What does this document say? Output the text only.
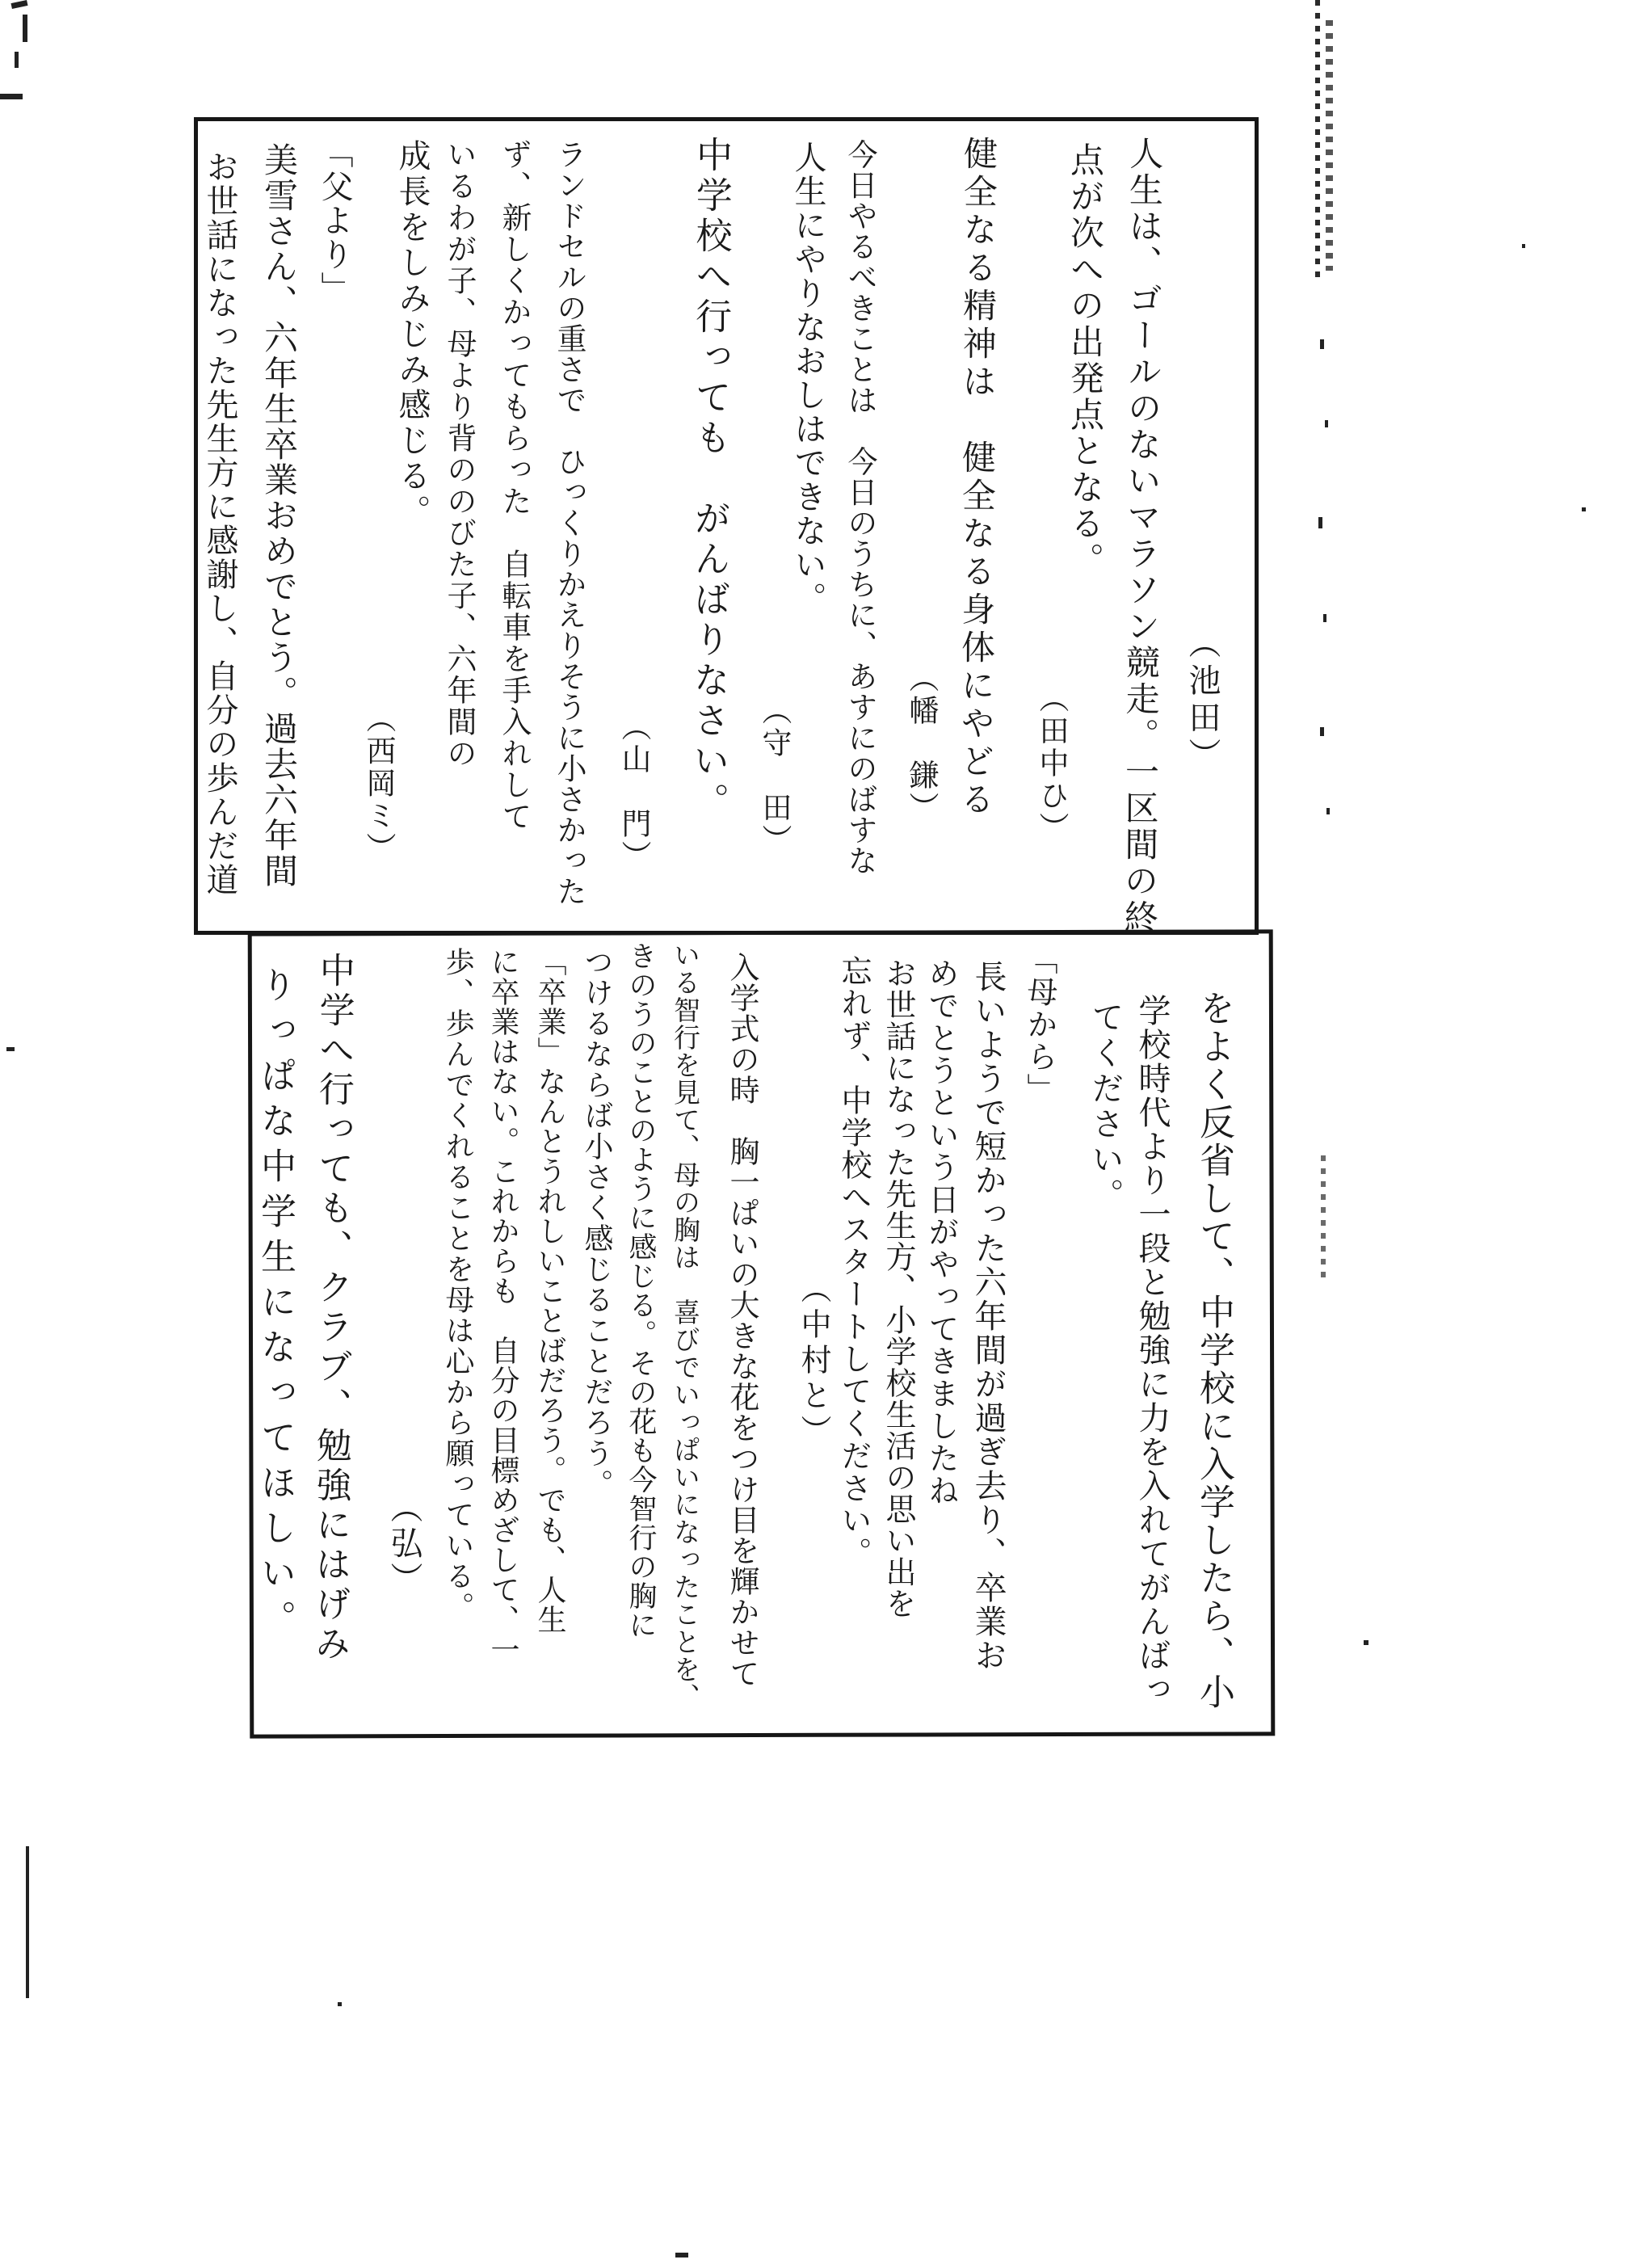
人生は、ゴールのないマラソン競走。一区間の終
点が次への出発点となる。
（池田）
健全なる精神は　健全なる身体にやどる （田中ひ）
（幡　鎌）
今日やるべきことは　今日のうちに、あすにのばすな
人生にやりなおしはできない。
（守　田）
中学校へ行っても　がんばりなさい。
（山　門）
ランドセルの重さで　ひっくりかえりそうに小さかった
ず、新しくかってもらった　自転車を手入れして
いるわが子、母より背ののびた子、六年間の
成長をしみじみ感じる。
（西岡ミ）
「父より」
美雪さん、六年生卒業おめでとう。過去六年間
お世話になった先生方に感謝し、自分の歩んだ道
をよく反省して、中学校に入学したら、小
学校時代より一段と勉強に力を入れてがんばっ
てください。
「母から」
長いようで短かった六年間が過ぎ去り、卒業お
めでとうという日がやってきましたね
お世話になった先生方、小学校生活の思い出を
忘れず、中学校へスタートしてください。
（中村と）
入学式の時　胸一ぱいの大きな花をつけ目を輝かせて
いる智行を見て、母の胸は　喜びでいっぱいになったことを、
きのうのことのように感じる。その花も今智行の胸に
つけるならば小さく感じることだろう。
「卒業」なんとうれしいことばだろう。でも、人生
に卒業はない。これからも　自分の目標めざして、一
歩、歩んでくれることを母は心から願っている。
（弘）
中学へ行っても、クラブ、勉強にはげみ
りっぱな中学生になってほしい。
